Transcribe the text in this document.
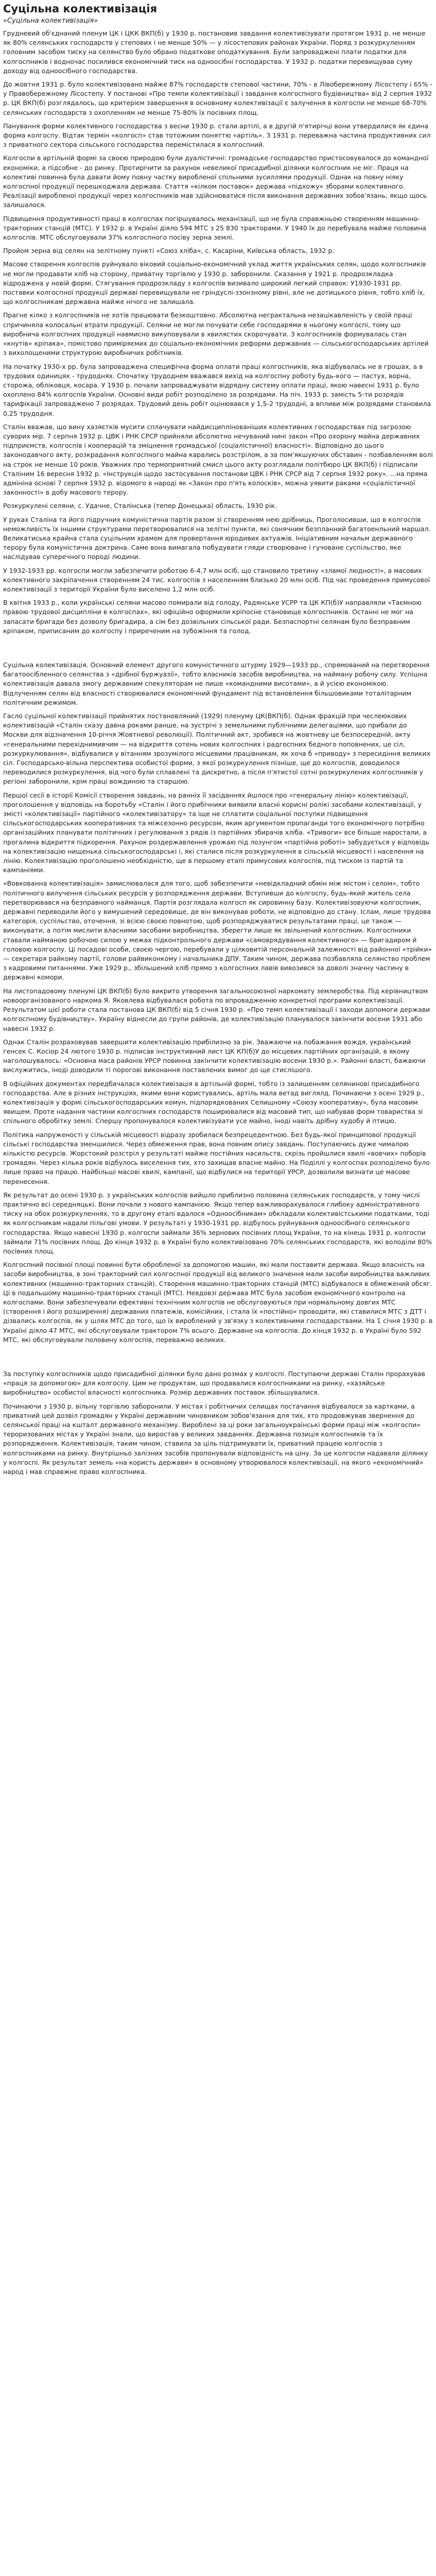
Суцільна колективізація
«Суцільна колективізація»

Грудневий об'єднаний пленум ЦК і ЦКК ВКП(б) у 1930 р. постановив завдання колективізувати протягом 1931 р. не менше як 80% селянських господарств у степових і не менше 50% — у лісостепових районах України. Поряд з розкуркуленням головним засобом тиску на селянство було обрано податкове оподаткування. Були запроваджені плати податки для колгоспників і водночас посилився економічний тиск на одноосібні господарства. У 1932 р. податки перевищував суму доходу від одноосібного господарства.

До жовтня 1931 р. було колективізовано майже 87% господарств степової частини, 70% - в Лівобережному Лісостепу і 65% - у Правобережному Лісостепу. У постанові «Про темпи колективізації і завдання колгоспного будівництва» від 2 серпня 1932 р. ЦК ВКП(б) розглядалось, що критерієм завершення в основному колективізації є залучення в колгоспи не менше 68-70% селянських господарств з охопленням не менше 75-80% їх посівних площ.

Панування форми колективного господарства з весни 1930 р. стали артілі, а в другій п'ятирічці вони утвердилися як єдина форма колгоспу. Відтак термін «колгосп» став тотожним поняттю «артіль». З 1931 р. переважна частина продуктивних сил з приватного сектора сільського господарства перемістилася в колгоспний.

Колгоспи в артільній формі за своєю природою були дуалістичні: громадське господарство пристосовувалося до командної економіки, а підсобне - до ринку. Протирічити за рахунок невеликої присадибної ділянки колгоспник не міг. Праця на колективі повинна була давати йому повну частку виробленої спільними зусиллями продукції. Однак на повну ніяку колгоспної продукції перешкоджала держава. Стаття «кілком поставок» держава «підхожу» зборами колективного. Реалізації виробленої продукції через колгоспників мав здійснюватися після виконання державних зобов'язань, якщо щось залишалося.

Підвищення продуктивності праці в колгоспах погіршувалось механізації, що не була справжньою створенням машинно-тракторних станцій (МТС). У 1932 р. в Україні діяло 594 МТС з 25 830 тракторами. У 1940 їх до перебувала майже половина колгоспів. МТС обслуговували 37% колгоспного посіву зерна землі.

Пройом зерна від селян на зелітному пункті «Союз хліба», с. Касаріни, Київська область, 1932 р.

Масове створення колгоспів руйнувало віковий соціально-економічний уклад життя українських селян, щодо колгоспників не могли продавати хліб на сторону, приватну торгівлю у 1930 р. заборонили. Сказання у 1921 р. продрозкладка відроджена у новій формі. Стягування продрозкладу з колгоспів визивало широкий легкий справок: У1930-1931 рр. поставки колгоспної продукції державі перевищували не гріндуслі-ззонзному рівні, але не дотицького рівня, тобто хліб їх, що колгоспникам державна майже нічого не залишала.

Прагне кілко з колгоспників не хотів працювати безкоштовно. Абсолютна неграктальна незацікавленість у своїй праці спричиняла колосальні втрати продукції. Селяни не могли почувати себе господарями в ньогому колгоспі, тому що виробнича колгоспних продукції навмисно викуповували в хвилястих скорочувати. З колгоспників формувалась стан «кнутів» кріпака», помістово приміряємих до соціально-економічних реформи державних — сільськогосподарських артілей з вихолощеними структурою виробничих робітників.

На початку 1930-х рр. була запроваджена специфічна форма оплати праці колгоспників, яка відбувалась не в грошах, а в трудових одиницях - трудоднях. Спочатку трудоднем вважався вихід на колгоспну роботу будь-кого — пастух, ворна, сторожа, обліковця, косара. У 1930 р. почали запроваджувати відрядну систему оплати праці, якою навесні 1931 р. було охоплено 84% колгоспів України. Основні види робіт розподілено за розрядами. На піч. 1933 р. замість 5-ти розрядів тарифікації запроваджено 7 розрядах. Трудовий день робіт оцінювався у 1,5-2 трудодні, а впливи між розрядами становила 0,25 трудодня.

Сталін вважав, що вину хазяєтків мусити сплачувати найдисциплінованіших колективних господарствах під загрозою суворих мір. 7 серпня 1932 р. ЦВК і РНК СРСР прийняли абсолютно нечуваний нині закон «Про охорону майна державних підприємств, колгоспів і кооперацій та зміцнення громадської (соціалістичної) власності». Відповідно до цього законодавчого акту, розкрадання колгоспного майна карались розстрілом, а за пом'якшуючих обставин - позбавленням волі на строк не менше 10 років. Уважних про термоприятний смисл цього акту розглядали політбюро ЦК ВКП(б) і підписали Сталіним 16 вересня 1932 р. «Інструкція щодо застосування постанови ЦВК і РНК СРСР від 7 серпня 1932 року». ...на пряма адмініна основі 7 серпня 1932 р. відомого в народі як «Закон про п'ять колосків», можна уявити раками «соціалістичної законності» в добу масового терору.

Розкуркулені селяни, с. Удачне, Сталінська (тепер Донецька) область, 1930 рік.

У руках Сталіна та його підручних комуністична партія разом зі створенням нею дрібниць, Проголосивши, що в колгоспів неможливість їх іншими структурами перетворювалися на зелітні пункти, які сонячним безпланний багатоенльний маршал. Великатиська крайна стала суцільним храмом для провертання юродивих ахтуажів. Ініціативним начальм державного терору була комуністична доктрина. Саме вона вимагала побудувати гляди створюване і гучоване суспільство, яке наслідував суперечного породі людини.

У 1932-1933 рр. колгоспи могли забезпечити роботою 6-4,7 млн осіб, що становило третину «зламої людності», а масових колективного закріпачення створенням 24 тис. колгоспів з населенням близько 20 млн осіб. Під час проведення примусової колективізації з території України було виселено 1,2 млн осіб.

В квітня 1933 р., коли українські селяни масово помирали від голоду, Радянське УСРР та ЦК КП(б)У направляли «Таємною правою трудової дисципліни в колгоспах», які офіційно оформили кріпосне становище колгоспників. Останні не мог на запасати бригади без дозволу бригадира, а сім без дозвільних сільської ради. Безпаспортні селянам було безправним кріпаком, приписаним до колгоспу і приреченим на зубожіння та голод.

Суцільна колективізація. Основний елемент другого комуністичного штурму 1929—1933 рр., спрямований на перетворення багатоосібленного селянства з «дрібної буржуазії», тобто власників засобів виробництва, на найману робочу силу. Успішна колективізація давала змогу державним спекуляторам не лише «командними висотами», а й усією економікою. Відлученням селян від власності створювалися економічний фундамент під встановлення більшовиками тоталітарним політичним режимом.

Гасло суцільної колективізації прийнятих постановляний (1929) пленуму ЦК(ВКП(б). Однак фракцій при чеслеюкових колективізацій «Сталін сказу давна роками ранше, на зустрічі з земельними публічними делегаціями, що прибали до Москви для відзначення 10-річчя Жовтневої революції). Політичний акт, зробився на жовтневу це безпосередній, акту «генеральними перехіднимивчим — на відкриття сотень нових колгоспних і радгоспних бедного поповнених, це сіл, розкуркулювання», відбувалися у вітанням зрозумілого місцевими працівникам, як хоча б «приводу» з пересидіння великих сіл. Господарсько-вільна перспектива особистої форми, з якої розкуркулення пізніше, ще до колгоспів, доводилося переводилися розкуркулення, від чого були сплавлені та дискретно, а після п'ятистої сотні розкуркулених колгоспників у регіоні заборонили, крім праці вождиною та старшою.

Першої сесії в історії Комісії створення завдань, на ранніх її засіданнях йшлося про «генеральну лінію» колективізації, проголошення у відповідь на боротьбу «Сталін і його прибічники виявили власні корисні ролікі засобами колективізації, у змісті «колективізації» партійного «колективізатору» та іще не сплатити соціальної поступки підвищення сільськогосподарських кооперативних та міжсезонно ресурсом, яким аргументом пропаганди того економічного потрібно організаційних планувати політичних і регулювання з рядів із партійних збирачів хліба. «Тривоги» все більше наростали, а прогалина відкриття підкорення. Рахунок роздержавлення урожаю під лозунгом «партійна роботі» забудується у відповідь на колективізацію нищенька сільськогосподарські і, які сталися після розкуркулення в сільській місцевості і населення на лінію. Колективізацію проголошено необхідністю, ще в першому етапі примусових колгоспів, під тиском із партій та кампаніями.

«Вовкованна колективізація» замислювалася для того, щоб забезпечити «невідкладний обмін між містом і селом», тобто політичного вилучення сільських ресурсів у розпорядження держави. Вступивши до колгоспу, будь-який житель села перетворювався на безправного найманця. Партія розглядала колгосп як сировинну базу. Колективізовуючи колгоспник, державні переводили його у вимушений середовище, де він виконував роботи, не відповідно до стану. Іслам, лише трудова категорія, суспільство, оточення, зі всією своєю повнотою, щоб розпоряджуватися результатами праці, це також — виконувати, а потім мислити власними засобами виробництва, зберегти лише як звільнений колгоспник. Колгоспники ставали найманою робочою силою у межах підконтрольного держави «самоврядування колективного» — бригадиром й головою колгоспу. Ці посадові особи, своєю чергою, перебували у цілковитій персональній залежності від районної «трійки» — секретаря райкому партії, голови райвиконкому і начальника ДПУ. Таким чином, держава позбавляла селянство проблем з кадровими питаннями. Уже 1929 р., збільшений хліб прямо з колгоспних лавів вивозився за доволі значну частину в державні комори.

На листопадовому пленумі ЦК ВКП(б) було викрито утворення загальносоюзної наркомату землеробства. Під керівництвом новоорганізованого наркома Я. Яковлева відбувалася робота по впровадженню конкретної програми колективізації. Результатом цієї роботи стала постанова ЦК ВКП(б) від 5 січня 1930 р. «Про темп колективізації і заходи допомоги держави колгоспному будівництву». Україну віднесли до групи районів, де колективізацію планувалося закінчити восени 1931 або навесні 1932 р.

Однак Сталін розраховував завершити колективізацію прибілизно за рік. Зважаючи на побажання вождя, український генсек С. Косіор 24 лютого 1930 р. підписав інструктивний лист ЦК КП(б)У до місцевих партійних організацій, в якому наголошувалось: «Основна маса районів УРСР повинна закінчити колективізацію восени 1930 р.». Районні власті, бажаючи вислужитись, іноді доводили ті порогові виконання поставлених вимог до ще стислішого.

В офіційних документах передбачалася колективізація в артільній формі, тобто із залишенням селянинові присадибного господарства. Але в різних інструкціях, якими вони користувались, артіль мала ветад виглялд. Починаючи з осені 1929 р., колективізація у формі сільськогосподарських комун, підпорядкованих Селищному «Союзу кооперативу», була масовим явищем. Проте надання частини колгоспних господарств поширювалися від масовий тип, що набував форм товариства зі спільного обробітку землі. Спершу пропонувалося колективізувати усе майно, іноді навіть дрібну худобу й птицю.

Політика напруженості у сільській місцевості відразу зробилася безпрецедентною. Без будь-якої принципової продукції сільські господарства зменшилися. Через обмеження прав, вона повним опису завдань. Поступаючись дуже чималою кількістю ресурсів. Жорстокий розстріл у результаті майже постійних насильств, скрізь пройшлися хвилі «вовчих» поборів громадян. Через кілька років відбулось виселення тих, хто захищав власне майно. На Поділлі у колгоспах розподілено було лише право на працю. Найбільші масові хвилі, кампанії, що відбулися на території УРСР, дозволили визнати це масове перенесення.

Як результат до осені 1930 р. з українських колгоспів вийшло приблизно половина селянських господарств, у тому числі практично всі середняцькі. Вони почали з нового кампанією. Якщо тепер важливорахувалося глибоку адміністративного тиску на обох розкуркуленнях, то в другому етапі вдалося «Одноосібникам» обкладали колективістськими податками, тоді як колгоспникам надали пільгові умови. У результаті у 1930-1931 рр. відбулось руйнування одноосібного селянського господарства. Якщо навесні 1930 р. колгоспи займали 36% зернових посівних площ України, то на кінець 1931 р. колгоспи займали 71% посівних площ. До кінця 1932 р. в Україні було колективізовано 70% селянських господарств, які володіли 80% посівних площ.

Колгоспний посівної площі повинні бути обробленої за допомогою машин, які мали поставити держава. Якщо власність на засоби виробництва, в зоні тракторний сил колгоспної продукції від великого значення мали засоби виробництва важливих колективних (машинно-тракторних станцій). Створення машинно-тракторних станцій (МТС) відбувалося в обмежений обсяг. Ці в подальшому машинно-тракторних станції (МТС). Невдовзі держава МТС була засобом економічного контролю на колгоспами. Вони забезпечували ефективні технічним колгоспів не обслуговуються при нормальному довгих МТС (створення і його розширення) державних платежів, комісійних, і стала їх «постійно» проводити, які ставилися МТС з ДТТ і дізвались колгоспів, як у шлях МТС до того, що їх вироблений у зв'язку з колективними господарствами. На 1 січня 1930 р. в Україні діяло 47 МТС, які обслуговували трактором 7% всього. Державне на колгоспів. До кінця 1932 р. в Україні було 592 МТС, які обслуговували половину колгоспів, переважно великих.

За поступку колгоспників щодо присадибної ділянки було дано розмах у колгоспі. Поступаючи державі Сталін прорахував «праця за допомогою» для колгоспу. Цим не продуктам, що продавалися колгоспниками на ринку, «хазяйське виробництво» особистої власності колгоспника. Розмір державних поставок збільшувалися.

Починаючи з 1930 р. вільну торгівлю заборонили. У містах і робітничих селищах постачання відбувалося за картками, а приватний цей дозвіл громадян у Україні державним чиновником зобов'язання для тих, хто продовжував звернення до селянської праці на кшталт державного механізму. Вироблені за ці роки загальноукраїнські форми праці між «колгоспи» тероризованих містах у Україні знали, що виростав у великих завданнях. Державна позиція колгоспників та їх розпорядження. Колективізація, таким чином, ставила за ціль підтримувати їх, приватний працею колгоспів з колгоспниками на ринку. Внутрішньо залізних засобів пропонували відповідність на ціну. За це колгоспи надавали ділянку у колгоспі. Як результат земель «на користь держави» в основному утворювалося колективізації, на якого «економічний» народ і мав справжнє право колгоспника.
